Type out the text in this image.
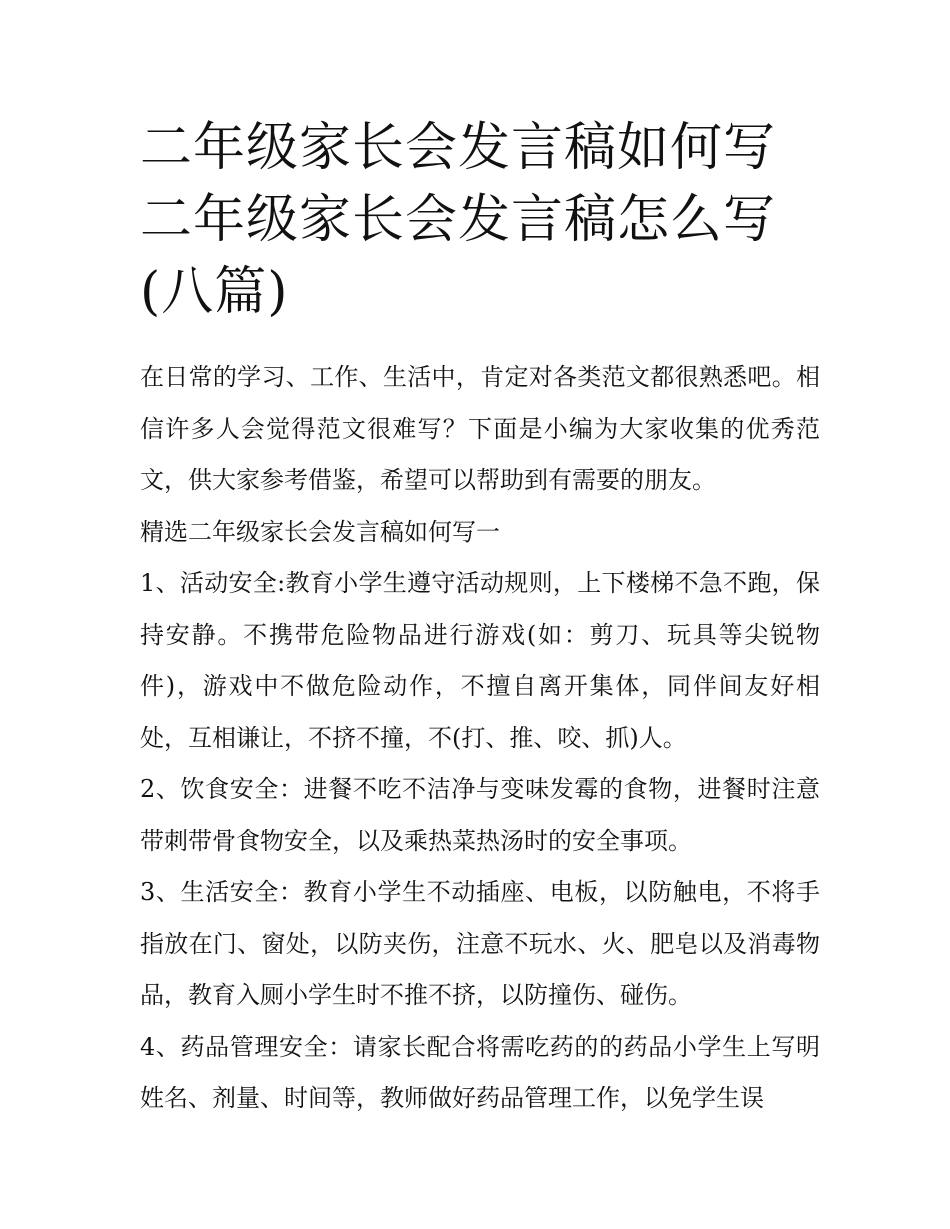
二年级家长会发言稿如何写 二年级家长会发言稿怎么写(八篇)

在日常的学习、工作、生活中，肯定对各类范文都很熟悉吧。相信许多人会觉得范文很难写？下面是小编为大家收集的优秀范文，供大家参考借鉴，希望可以帮助到有需要的朋友。

精选二年级家长会发言稿如何写一

1、活动安全:教育小学生遵守活动规则，上下楼梯不急不跑，保持安静。不携带危险物品进行游戏(如：剪刀、玩具等尖锐物件)，游戏中不做危险动作，不擅自离开集体，同伴间友好相处，互相谦让，不挤不撞，不(打、推、咬、抓)人。

2、饮食安全：进餐不吃不洁净与变味发霉的食物，进餐时注意带刺带骨食物安全，以及乘热菜热汤时的安全事项。

3、生活安全：教育小学生不动插座、电板，以防触电，不将手指放在门、窗处，以防夹伤，注意不玩水、火、肥皂以及消毒物品，教育入厕小学生时不推不挤，以防撞伤、碰伤。

4、药品管理安全：请家长配合将需吃药的的药品小学生上写明姓名、剂量、时间等，教师做好药品管理工作，以免学生误
